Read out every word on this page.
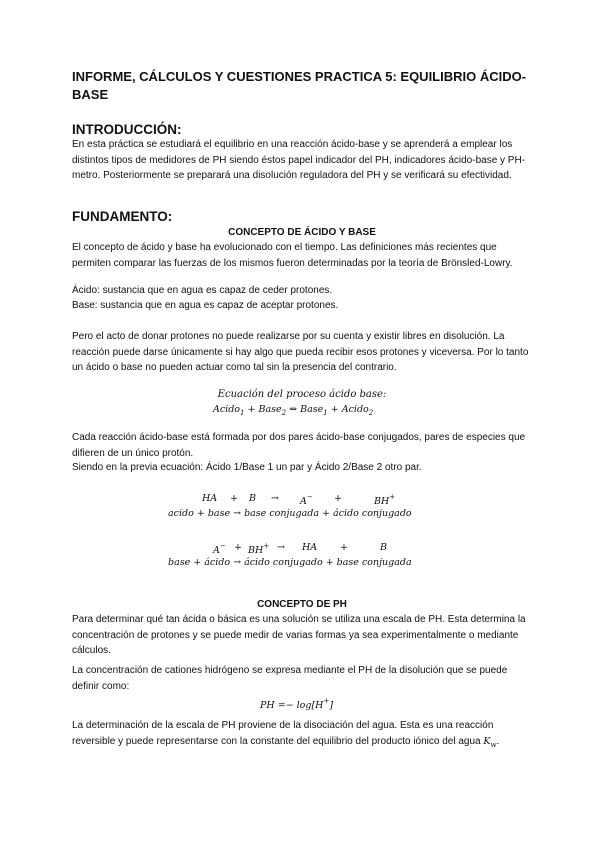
INFORME, CÁLCULOS Y CUESTIONES PRACTICA 5: EQUILIBRIO ÁCIDO-BASE
INTRODUCCIÓN:
En esta práctica se estudiará el equilibrio en una reacción ácido-base y se aprenderá a emplear los distintos tipos de medidores de PH siendo éstos papel indicador del PH, indicadores ácido-base y PH-metro. Posteriormente se preparará una disolución reguladora del PH y se verificará su efectividad.
FUNDAMENTO:
CONCEPTO DE ÁCIDO Y BASE
El concepto de ácido y base ha evolucionado con el tiempo. Las definiciones más recientes que permiten comparar las fuerzas de los mismos fueron determinadas por la teoría de Brönsled-Lowry.
Ácido: sustancia que en agua es capaz de ceder protones.
Base: sustancia que en agua es capaz de aceptar protones.
Pero el acto de donar protones no puede realizarse por su cuenta y existir libres en disolución. La reacción puede darse únicamente si hay algo que pueda recibir esos protones y viceversa. Por lo tanto un ácido o base no pueden actuar como tal sin la presencia del contrario.
Ecuación del proceso ácido base:
Acido$_1$ + Base$_2$ ⇔ Base$_1$ + Acido$_2$
Cada reacción ácido-base está formada por dos pares ácido-base conjugados, pares de especies que difieren de un único protón.
Siendo en la previa ecuación: Ácido 1/Base 1 un par y Ácido 2/Base 2 otro par.
HA + B → A− +	BH+
acido + base → base conjugada + ácido conjugado
A− + BH+ → HA +	B
base + ácido → ácido conjugado + base conjugada
CONCEPTO DE PH
Para determinar qué tan ácida o básica es una solución se utiliza una escala de PH. Esta determina la concentración de protones y se puede medir de varias formas ya sea experimentalmente o mediante cálculos.
La concentración de cationes hidrógeno se expresa mediante el PH de la disolución que se puede definir como:
PH =− log[H+]
La determinación de la escala de PH proviene de la disociación del agua. Esta es una reacción reversible y puede representarse con la constante del equilibrio del producto iónico del agua $K_w$.
